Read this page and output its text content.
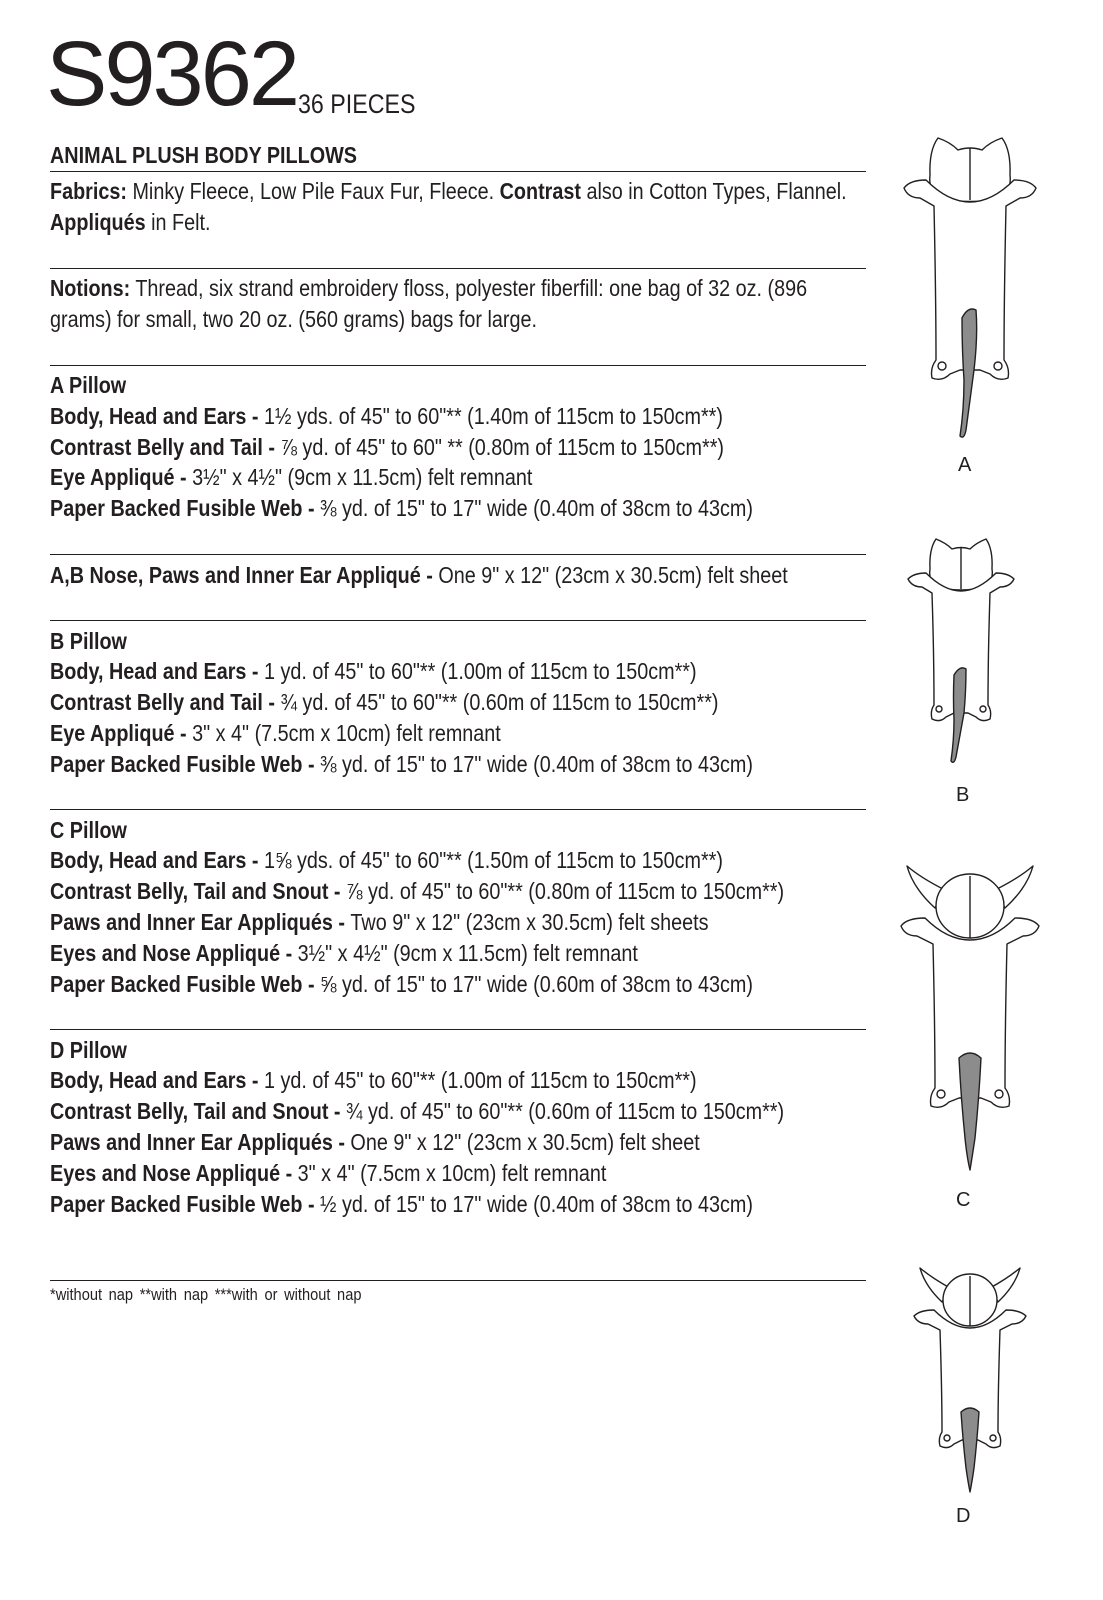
S9362 36 PIECES
ANIMAL PLUSH BODY PILLOWS
Fabrics: Minky Fleece, Low Pile Faux Fur, Fleece. Contrast also in Cotton Types, Flannel.
Appliqués in Felt.
Notions: Thread, six strand embroidery floss, polyester fiberfill: one bag of 32 oz. (896
grams) for small, two 20 oz. (560 grams) bags for large.
A Pillow
Body, Head and Ears - 1½ yds. of 45" to 60"** (1.40m of 115cm to 150cm**)
Contrast Belly and Tail - ⅞ yd. of 45" to 60" ** (0.80m of 115cm to 150cm**)
Eye Appliqué - 3½" x 4½" (9cm x 11.5cm) felt remnant
Paper Backed Fusible Web - ⅜ yd. of 15" to 17" wide (0.40m of 38cm to 43cm)
A,B Nose, Paws and Inner Ear Appliqué - One 9" x 12" (23cm x 30.5cm) felt sheet
B Pillow
Body, Head and Ears - 1 yd. of 45" to 60"** (1.00m of 115cm to 150cm**)
Contrast Belly and Tail - ¾ yd. of 45" to 60"** (0.60m of 115cm to 150cm**)
Eye Appliqué - 3" x 4" (7.5cm x 10cm) felt remnant
Paper Backed Fusible Web - ⅜ yd. of 15" to 17" wide (0.40m of 38cm to 43cm)
C Pillow
Body, Head and Ears - 1⅝ yds. of 45" to 60"** (1.50m of 115cm to 150cm**)
Contrast Belly, Tail and Snout - ⅞ yd. of 45" to 60"** (0.80m of 115cm to 150cm**)
Paws and Inner Ear Appliqués - Two 9" x 12" (23cm x 30.5cm) felt sheets
Eyes and Nose Appliqué - 3½" x 4½" (9cm x 11.5cm) felt remnant
Paper Backed Fusible Web - ⅝ yd. of 15" to 17" wide (0.60m of 38cm to 43cm)
D Pillow
Body, Head and Ears - 1 yd. of 45" to 60"** (1.00m of 115cm to 150cm**)
Contrast Belly, Tail and Snout - ¾ yd. of 45" to 60"** (0.60m of 115cm to 150cm**)
Paws and Inner Ear Appliqués - One 9" x 12" (23cm x 30.5cm) felt sheet
Eyes and Nose Appliqué - 3" x 4" (7.5cm x 10cm) felt remnant
Paper Backed Fusible Web - ½ yd. of 15" to 17" wide (0.40m of 38cm to 43cm)
*without nap **with nap ***with or without nap
A
B
C
D
